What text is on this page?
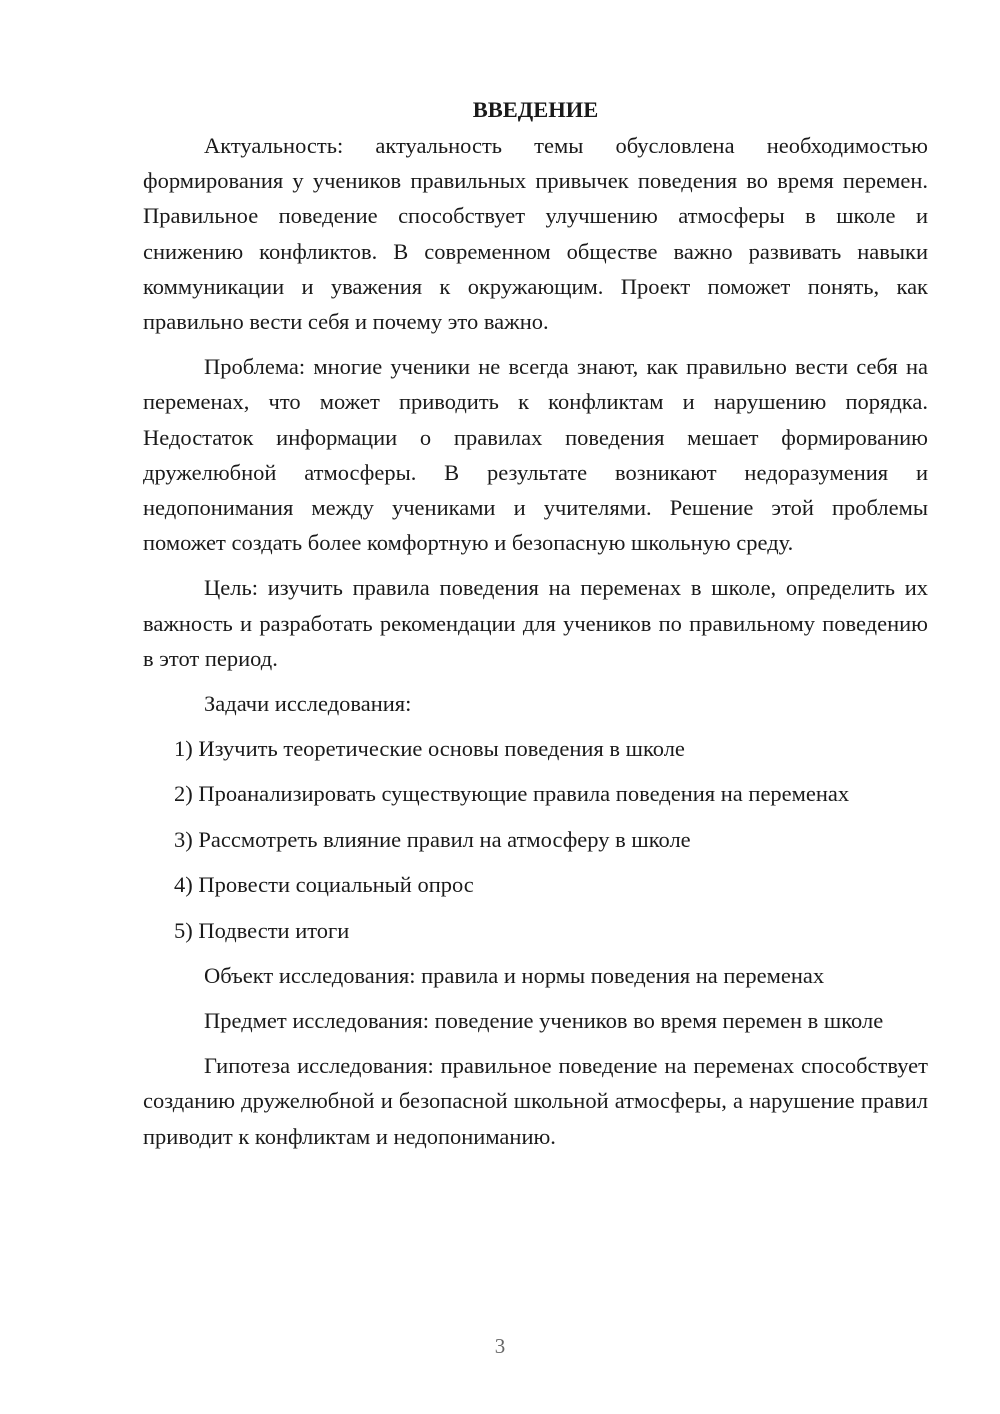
ВВЕДЕНИЕ

Актуальность: актуальность темы обусловлена необходимостью формирования у учеников правильных привычек поведения во время перемен. Правильное поведение способствует улучшению атмосферы в школе и снижению конфликтов. В современном обществе важно развивать навыки коммуникации и уважения к окружающим. Проект поможет понять, как правильно вести себя и почему это важно.

Проблема: многие ученики не всегда знают, как правильно вести себя на переменах, что может приводить к конфликтам и нарушению порядка. Недостаток информации о правилах поведения мешает формированию дружелюбной атмосферы. В результате возникают недоразумения и недопонимания между учениками и учителями. Решение этой проблемы поможет создать более комфортную и безопасную школьную среду.

Цель: изучить правила поведения на переменах в школе, определить их важность и разработать рекомендации для учеников по правильному поведению в этот период.

Задачи исследования:
1) Изучить теоретические основы поведения в школе
2) Проанализировать существующие правила поведения на переменах
3) Рассмотреть влияние правил на атмосферу в школе
4) Провести социальный опрос
5) Подвести итоги
Объект исследования: правила и нормы поведения на переменах

Предмет исследования: поведение учеников во время перемен в школе

Гипотеза исследования: правильное поведение на переменах способствует созданию дружелюбной и безопасной школьной атмосферы, а нарушение правил приводит к конфликтам и недопониманию.

3
